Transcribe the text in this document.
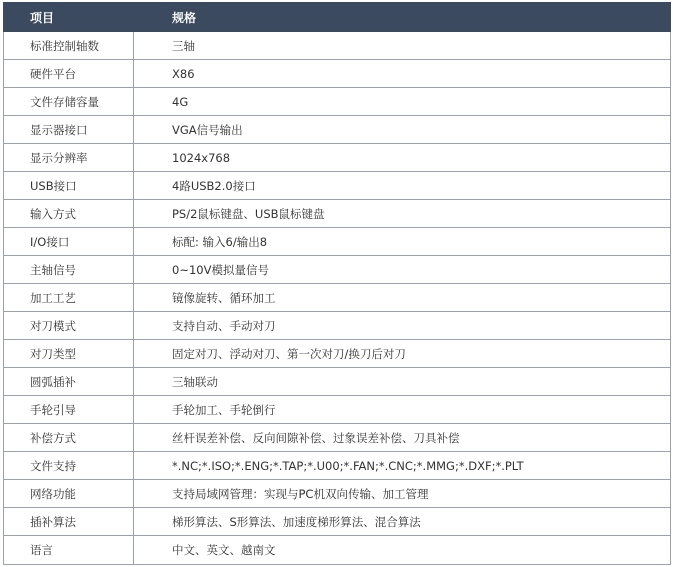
项目	规格
标准控制轴数	三轴
硬件平台	X86
文件存储容量	4G
显示器接口	VGA信号输出
显示分辨率	1024x768
USB接口	4路USB2.0接口
输入方式	PS/2鼠标键盘、USB鼠标键盘
I/O接口	标配: 输入6/输出8
主轴信号	0~10V模拟量信号
加工工艺	镜像旋转、循环加工
对刀模式	支持自动、手动对刀
对刀类型	固定对刀、浮动对刀、第一次对刀/换刀后对刀
圆弧插补	三轴联动
手轮引导	手轮加工、手轮倒行
补偿方式	丝杆误差补偿、反向间隙补偿、过象误差补偿、刀具补偿
文件支持	*.NC;*.ISO;*.ENG;*.TAP;*.U00;*.FAN;*.CNC;*.MMG;*.DXF;*.PLT
网络功能	支持局域网管理：实现与PC机双向传输、加工管理
插补算法	梯形算法、S形算法、加速度梯形算法、混合算法
语言	中文、英文、越南文
